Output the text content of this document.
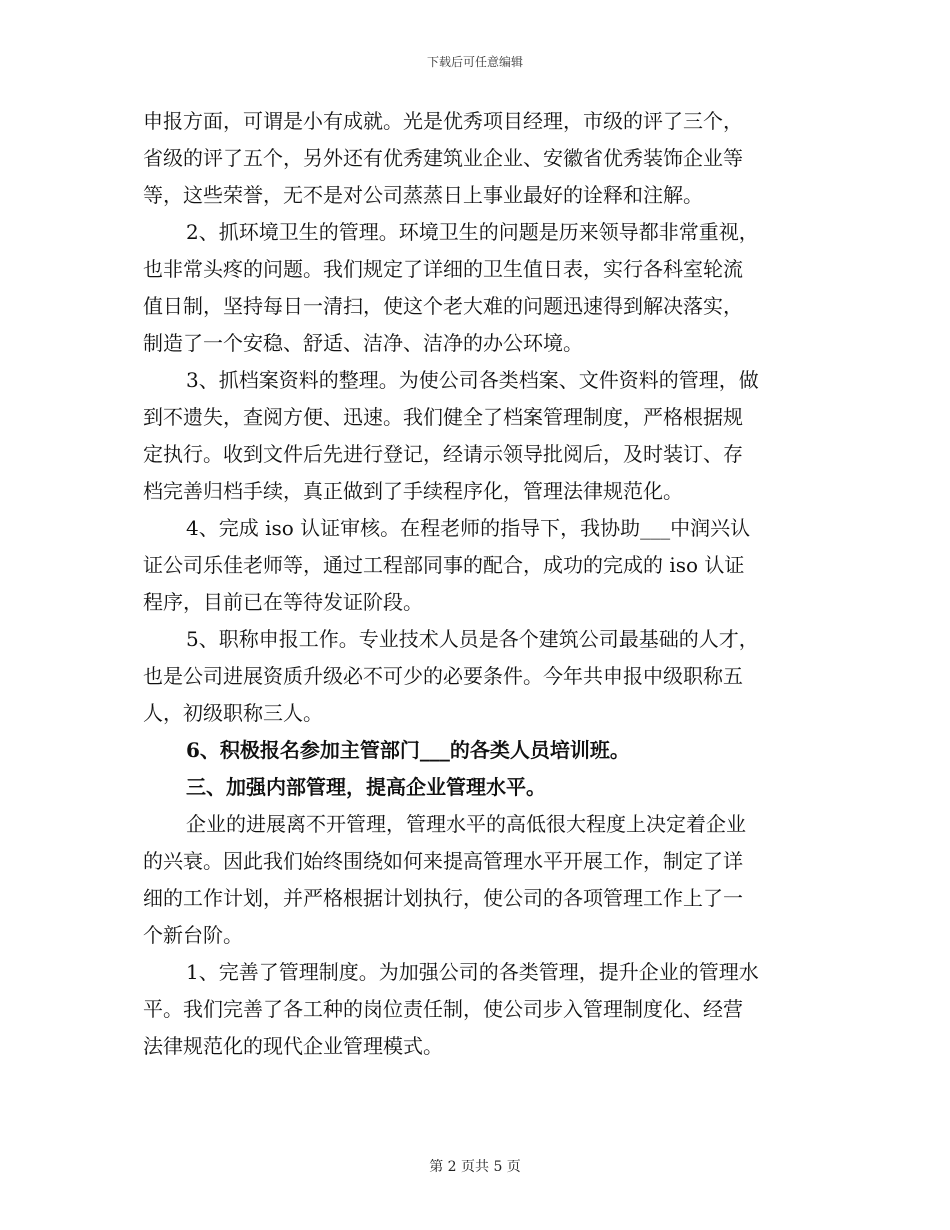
下载后可任意编辑
申报方面，可谓是小有成就。光是优秀项目经理，市级的评了三个，
省级的评了五个，另外还有优秀建筑业企业、安徽省优秀装饰企业等
等，这些荣誉，无不是对公司蒸蒸日上事业最好的诠释和注解。
2、抓环境卫生的管理。环境卫生的问题是历来领导都非常重视，
也非常头疼的问题。我们规定了详细的卫生值日表，实行各科室轮流
值日制，坚持每日一清扫，使这个老大难的问题迅速得到解决落实，
制造了一个安稳、舒适、洁净、洁净的办公环境。
3、抓档案资料的整理。为使公司各类档案、文件资料的管理，做
到不遗失，查阅方便、迅速。我们健全了档案管理制度，严格根据规
定执行。收到文件后先进行登记，经请示领导批阅后，及时装订、存
档完善归档手续，真正做到了手续程序化，管理法律规范化。
4、完成 iso 认证审核。在程老师的指导下，我协助___中润兴认
证公司乐佳老师等，通过工程部同事的配合，成功的完成的 iso 认证
程序，目前已在等待发证阶段。
5、职称申报工作。专业技术人员是各个建筑公司最基础的人才，
也是公司进展资质升级必不可少的必要条件。今年共申报中级职称五
人，初级职称三人。
6、积极报名参加主管部门___的各类人员培训班。
三、加强内部管理，提高企业管理水平。
企业的进展离不开管理，管理水平的高低很大程度上决定着企业
的兴衰。因此我们始终围绕如何来提高管理水平开展工作，制定了详
细的工作计划，并严格根据计划执行，使公司的各项管理工作上了一
个新台阶。
1、完善了管理制度。为加强公司的各类管理，提升企业的管理水
平。我们完善了各工种的岗位责任制，使公司步入管理制度化、经营
法律规范化的现代企业管理模式。
第 2 页共 5 页
